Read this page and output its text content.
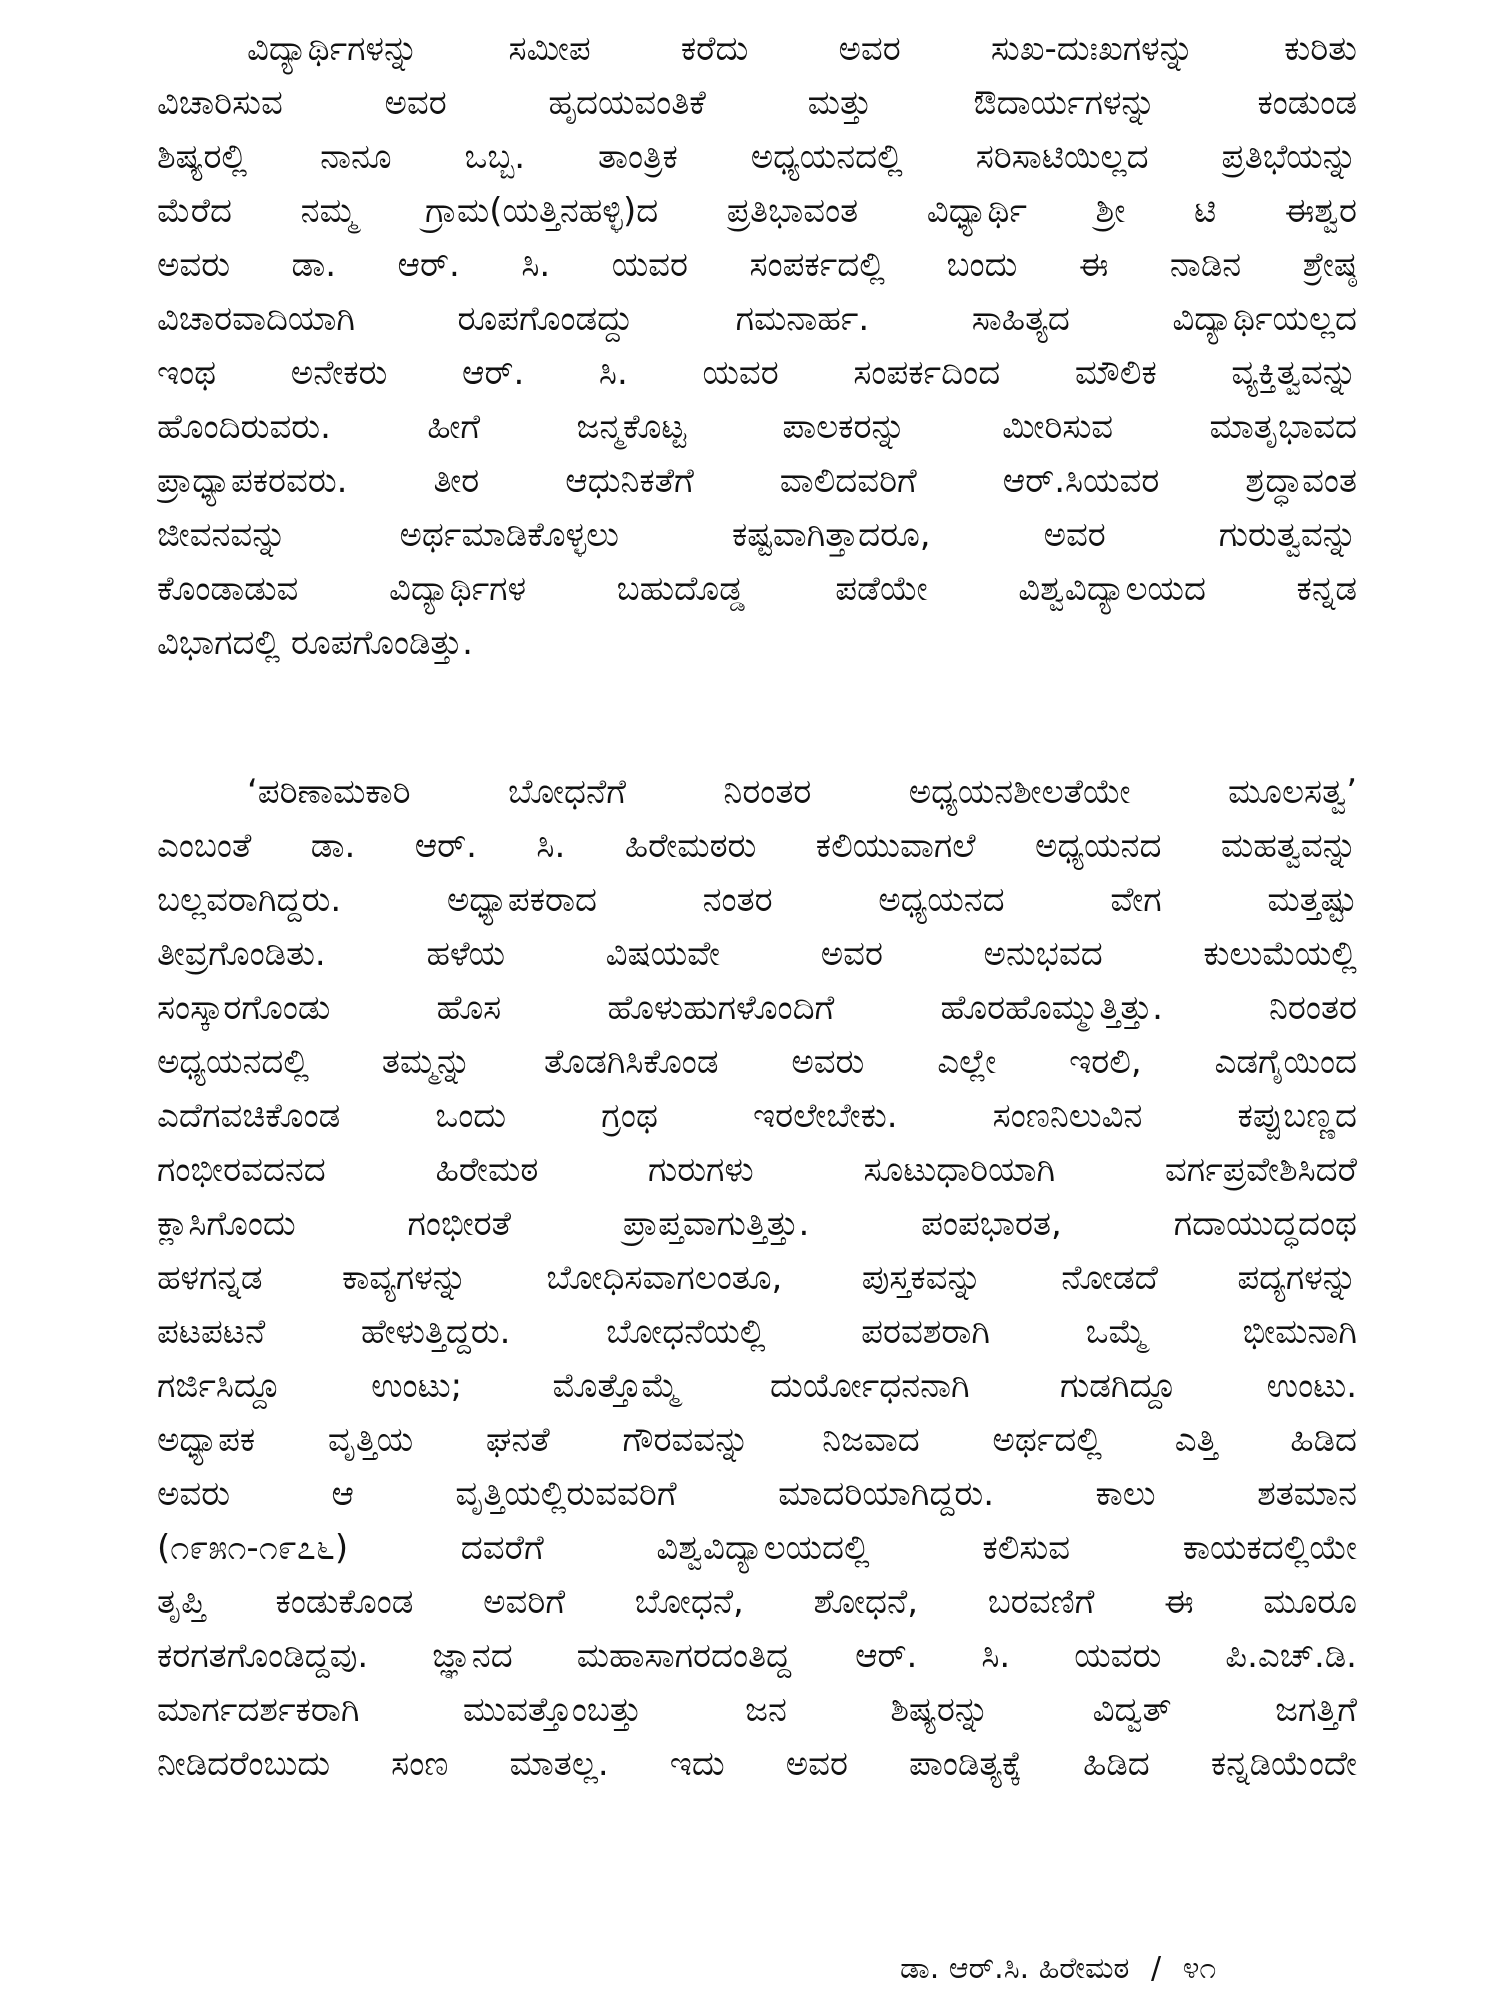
ವಿದ್ಯಾರ್ಥಿಗಳನ್ನು ಸಮೀಪ ಕರೆದು ಅವರ ಸುಖ-ದುಃಖಗಳನ್ನು ಕುರಿತು
ವಿಚಾರಿಸುವ ಅವರ ಹೃದಯವಂತಿಕೆ ಮತ್ತು ಔದಾರ್ಯಗಳನ್ನು ಕಂಡುಂಡ
ಶಿಷ್ಯರಲ್ಲಿ ನಾನೂ ಒಬ್ಬ. ತಾಂತ್ರಿಕ ಅಧ್ಯಯನದಲ್ಲಿ ಸರಿಸಾಟಿಯಿಲ್ಲದ ಪ್ರತಿಭೆಯನ್ನು
ಮೆರೆದ ನಮ್ಮ ಗ್ರಾಮ(ಯತ್ತಿನಹಳ್ಳಿ)ದ ಪ್ರತಿಭಾವಂತ ವಿಧ್ಯಾರ್ಥಿ ಶ್ರೀ ಟಿ ಈಶ್ವರ
ಅವರು ಡಾ. ಆರ್. ಸಿ. ಯವರ ಸಂಪರ್ಕದಲ್ಲಿ ಬಂದು ಈ ನಾಡಿನ ಶ್ರೇಷ್ಠ
ವಿಚಾರವಾದಿಯಾಗಿ ರೂಪಗೊಂಡದ್ದು ಗಮನಾರ್ಹ. ಸಾಹಿತ್ಯದ ವಿದ್ಯಾರ್ಥಿಯಲ್ಲದ
ಇಂಥ ಅನೇಕರು ಆರ್. ಸಿ. ಯವರ ಸಂಪರ್ಕದಿಂದ ಮೌಲಿಕ ವ್ಯಕ್ತಿತ್ವವನ್ನು
ಹೊಂದಿರುವರು. ಹೀಗೆ ಜನ್ಮಕೊಟ್ಟ ಪಾಲಕರನ್ನು ಮೀರಿಸುವ ಮಾತೃಭಾವದ
ಪ್ರಾಧ್ಯಾಪಕರವರು. ತೀರ ಆಧುನಿಕತೆಗೆ ವಾಲಿದವರಿಗೆ ಆರ್.ಸಿಯವರ ಶ್ರದ್ಧಾವಂತ
ಜೀವನವನ್ನು ಅರ್ಥಮಾಡಿಕೊಳ್ಳಲು ಕಷ್ಟವಾಗಿತ್ತಾದರೂ, ಅವರ ಗುರುತ್ವವನ್ನು
ಕೊಂಡಾಡುವ ವಿದ್ಯಾರ್ಥಿಗಳ ಬಹುದೊಡ್ಡ ಪಡೆಯೇ ವಿಶ್ವವಿದ್ಯಾಲಯದ ಕನ್ನಡ
ವಿಭಾಗದಲ್ಲಿ ರೂಪಗೊಂಡಿತ್ತು.
‘ಪರಿಣಾಮಕಾರಿ ಬೋಧನೆಗೆ ನಿರಂತರ ಅಧ್ಯಯನಶೀಲತೆಯೇ ಮೂಲಸತ್ವ’
ಎಂಬಂತೆ ಡಾ. ಆರ್. ಸಿ. ಹಿರೇಮಠರು ಕಲಿಯುವಾಗಲೆ ಅಧ್ಯಯನದ ಮಹತ್ವವನ್ನು
ಬಲ್ಲವರಾಗಿದ್ದರು. ಅಧ್ಯಾಪಕರಾದ ನಂತರ ಅಧ್ಯಯನದ ವೇಗ ಮತ್ತಷ್ಟು
ತೀವ್ರಗೊಂಡಿತು. ಹಳೆಯ ವಿಷಯವೇ ಅವರ ಅನುಭವದ ಕುಲುಮೆಯಲ್ಲಿ
ಸಂಸ್ಕಾರಗೊಂಡು ಹೊಸ ಹೊಳುಹುಗಳೊಂದಿಗೆ ಹೊರಹೊಮ್ಮುತ್ತಿತ್ತು. ನಿರಂತರ
ಅಧ್ಯಯನದಲ್ಲಿ ತಮ್ಮನ್ನು ತೊಡಗಿಸಿಕೊಂಡ ಅವರು ಎಲ್ಲೇ ಇರಲಿ, ಎಡಗೈಯಿಂದ
ಎದೆಗವಚಿಕೊಂಡ ಒಂದು ಗ್ರಂಥ ಇರಲೇಬೇಕು. ಸಂಣನಿಲುವಿನ ಕಪ್ಪುಬಣ್ಣದ
ಗಂಭೀರವದನದ ಹಿರೇಮಠ ಗುರುಗಳು ಸೂಟುಧಾರಿಯಾಗಿ ವರ್ಗಪ್ರವೇಶಿಸಿದರೆ
ಕ್ಲಾಸಿಗೊಂದು ಗಂಭೀರತೆ ಪ್ರಾಪ್ತವಾಗುತ್ತಿತ್ತು. ಪಂಪಭಾರತ, ಗದಾಯುದ್ಧದಂಥ
ಹಳಗನ್ನಡ ಕಾವ್ಯಗಳನ್ನು ಬೋಧಿಸವಾಗಲಂತೂ, ಪುಸ್ತಕವನ್ನು ನೋಡದೆ ಪದ್ಯಗಳನ್ನು
ಪಟಪಟನೆ ಹೇಳುತ್ತಿದ್ದರು. ಬೋಧನೆಯಲ್ಲಿ ಪರವಶರಾಗಿ ಒಮ್ಮೆ ಭೀಮನಾಗಿ
ಗರ್ಜಿಸಿದ್ದೂ ಉಂಟು; ಮೊತ್ತೊಮ್ಮೆ ದುರ್ಯೋಧನನಾಗಿ ಗುಡಗಿದ್ದೂ ಉಂಟು.
ಅಧ್ಯಾಪಕ ವೃತ್ತಿಯ ಘನತೆ ಗೌರವವನ್ನು ನಿಜವಾದ ಅರ್ಥದಲ್ಲಿ ಎತ್ತಿ ಹಿಡಿದ
ಅವರು ಆ ವೃತ್ತಿಯಲ್ಲಿರುವವರಿಗೆ ಮಾದರಿಯಾಗಿದ್ದರು. ಕಾಲು ಶತಮಾನ
(೧೯೫೧-೧೯೭೬) ದವರೆಗೆ ವಿಶ್ವವಿದ್ಯಾಲಯದಲ್ಲಿ ಕಲಿಸುವ ಕಾಯಕದಲ್ಲಿಯೇ
ತೃಪ್ತಿ ಕಂಡುಕೊಂಡ ಅವರಿಗೆ ಬೋಧನೆ, ಶೋಧನೆ, ಬರವಣಿಗೆ ಈ ಮೂರೂ
ಕರಗತಗೊಂಡಿದ್ದವು. ಜ್ಞಾನದ ಮಹಾಸಾಗರದಂತಿದ್ದ ಆರ್. ಸಿ. ಯವರು ಪಿ.ಎಚ್.ಡಿ.
ಮಾರ್ಗದರ್ಶಕರಾಗಿ ಮುವತ್ತೊಂಬತ್ತು ಜನ ಶಿಷ್ಯರನ್ನು ವಿದ್ವತ್ ಜಗತ್ತಿಗೆ
ನೀಡಿದರೆಂಬುದು ಸಂಣ ಮಾತಲ್ಲ. ಇದು ಅವರ ಪಾಂಡಿತ್ಯಕ್ಕೆ ಹಿಡಿದ ಕನ್ನಡಿಯೆಂದೇ
ಡಾ. ಆರ್.ಸಿ. ಹಿರೇಮಠ / ೪೧
